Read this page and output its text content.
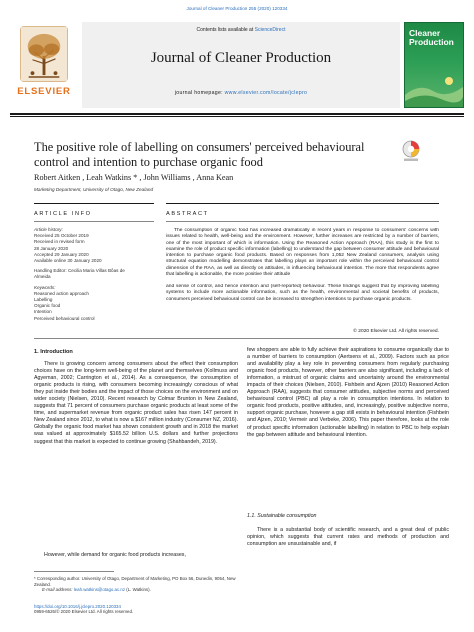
Journal of Cleaner Production 255 (2020) 120334
ELSEVIER
Contents lists available at ScienceDirect
Journal of Cleaner Production
journal homepage: www.elsevier.com/locate/jclepro
Cleaner Production
The positive role of labelling on consumers' perceived behavioural
control and intention to purchase organic food
Robert Aitken , Leah Watkins * , John Williams , Anna Kean
Marketing Department, University of Otago, New Zealand
ARTICLE INFO	ABSTRACT
Article history:
Received 25 October 2019
Received in revised form
28 January 2020
Accepted 29 January 2020
Available online 30 January 2020
Handling Editor: Cecilia Maria Villas Bôas de
Almeida
Keywords:
Reasoned action approach
Labelling
Organic food
Intention
Perceived behavioural control
The consumption of organic food has increased dramatically in recent years in response to consumers' concerns with issues related to health, well-being and the environment. However, further increases are restricted by a number of barriers, one of the most important of which is information. Using the Reasoned Action Approach (RAA), this study is the first to examine the role of product specific information (labelling) to understand the gap between consumer attitude and behavioural intention to purchase organic food products. Based on responses from 1,052 New Zealand consumers, analysis using structural equation modelling demonstrates that labelling plays an important role within the perceived behavioural control dimension of the RAA, as well as directly on attitudes, in influencing behavioural intention. The more that respondents agree that labelling is actionable, the more positive their attitude
and sense of control, and hence intention and (self-reported) behaviour. These findings suggest that by improving labelling systems to include more actionable information, such as the health, environmental and societal benefits of products, consumers perceived behavioural control can be increased to strengthen intentions to purchase organic products.
© 2020 Elsevier Ltd. All rights reserved.
1. Introduction
There is growing concern among consumers about the effect their consumption choices have on the long-term well-being of the planet and themselves (Kollmuss and Agyeman, 2002; Carrington et al., 2014). As a consequence, the consumption of organic products is rising, with consumers becoming increasingly conscious of what they put inside their bodies and the impact of those choices on the environment and on wider society (Nielsen, 2010). Recent research by Colmar Brunton in New Zealand, suggests that 71 percent of consumers purchase organic products at least some of the time, and supermarket revenue from organic product sales has risen 147 percent in New Zealand since 2012, to what is now a $167 million industry (Consumer NZ, 2016). Globally the organic food market has shown consistent growth and in 2018 the market was valued at approximately $165.52 billion U.S. dollars and further projections suggest that this market is expected to continue growing (Shahbandeh, 2019).
However, while demand for organic food products increases,
few shoppers are able to fully achieve their aspirations to consume organically due to a number of barriers to consumption (Aertsens et al., 2009). Factors such as price and availability play a key role in preventing consumers from regularly purchasing organic food products, however, other barriers are also significant, including a lack of information, a mistrust of organic claims and uncertainty around the environmental impacts of their choices (Nielsen, 2010). Fishbein and Ajzen (2010) Reasoned Action Approach (RAA), suggests that consumer attitudes, subjective norms and perceived behavioural control (PBC) all play a role in consumption intentions. In relation to organic food products, positive attitudes, and, increasingly, positive subjective norms, support organic purchase, however a gap still exists in behavioural intention (Fishbein and Ajzen, 2010; Vermeir and Verbeke, 2006). This paper therefore, looks at the role of product specific information (actionable labelling) in relation to PBC to help explain the gap between attitude and behavioural intention.
1.1. Sustainable consumption
There is a substantial body of scientific research, and a great deal of public opinion, which suggests that current rates and methods of production and consumption are unsustainable and, if
* Corresponding author. University of Otago, Department of Marketing, PO Box 56, Dunedin, 9054, New Zealand.
E-mail address: leah.watkins@otago.ac.nz (L. Watkins).
https://doi.org/10.1016/j.jclepro.2020.120334
0959-6526/© 2020 Elsevier Ltd. All rights reserved.
